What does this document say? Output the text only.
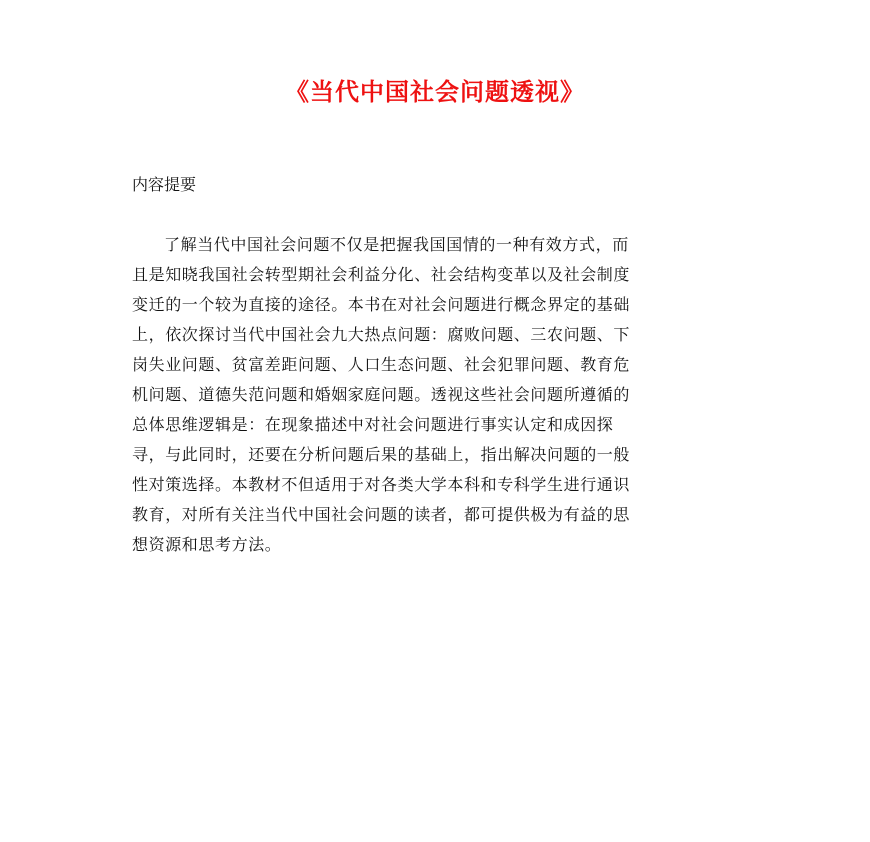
《当代中国社会问题透视》
内容提要
了解当代中国社会问题不仅是把握我国国情的一种有效方式，而
且是知晓我国社会转型期社会利益分化、社会结构变革以及社会制度
变迁的一个较为直接的途径。本书在对社会问题进行概念界定的基础
上，依次探讨当代中国社会九大热点问题：腐败问题、三农问题、下
岗失业问题、贫富差距问题、人口生态问题、社会犯罪问题、教育危
机问题、道德失范问题和婚姻家庭问题。透视这些社会问题所遵循的
总体思维逻辑是：在现象描述中对社会问题进行事实认定和成因探
寻，与此同时，还要在分析问题后果的基础上，指出解决问题的一般
性对策选择。本教材不但适用于对各类大学本科和专科学生进行通识
教育，对所有关注当代中国社会问题的读者，都可提供极为有益的思
想资源和思考方法。
